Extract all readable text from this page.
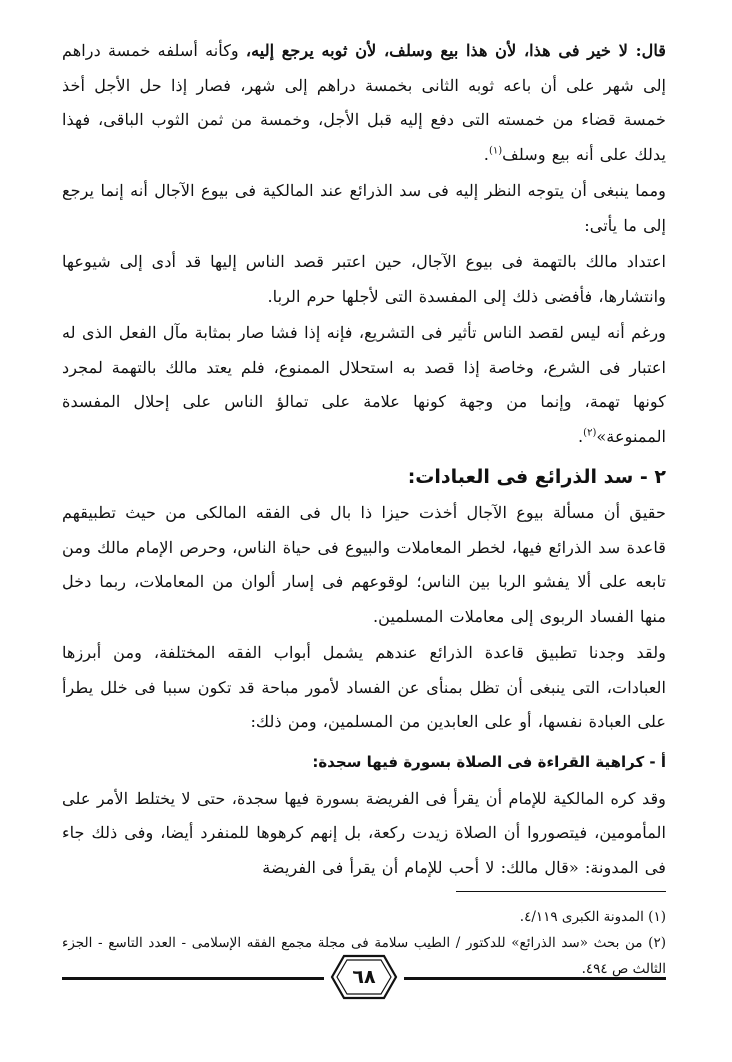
قال: لا خير فى هذا، لأن هذا بيع وسلف، لأن ثوبه يرجع إليه، وكأنه أسلفه خمسة دراهم إلى شهر على أن باعه ثوبه الثانى بخمسة دراهم إلى شهر، فصار إذا حل الأجل أخذ خمسة قضاء من خمسته التى دفع إليه قبل الأجل، وخمسة من ثمن الثوب الباقى، فهذا يدلك على أنه بيع وسلف$^{(١)}$.

ومما ينبغى أن يتوجه النظر إليه فى سد الذرائع عند المالكية فى بيوع الآجال أنه إنما يرجع إلى ما يأتى:

اعتداد مالك بالتهمة فى بيوع الآجال، حين اعتبر قصد الناس إليها قد أدى إلى شيوعها وانتشارها، فأفضى ذلك إلى المفسدة التى لأجلها حرم الربا.

ورغم أنه ليس لقصد الناس تأثير فى التشريع، فإنه إذا فشا صار بمثابة مآل الفعل الذى له اعتبار فى الشرع، وخاصة إذا قصد به استحلال الممنوع، فلم يعتد مالك بالتهمة لمجرد كونها تهمة، وإنما من وجهة كونها علامة على تمالؤ الناس على إحلال المفسدة الممنوعة»$^{(٢)}$.

٢ - سد الذرائع فى العبادات:

حقيق أن مسألة بيوع الآجال أخذت حيزا ذا بال فى الفقه المالكى من حيث تطبيقهم قاعدة سد الذرائع فيها، لخطر المعاملات والبيوع فى حياة الناس، وحرص الإمام مالك ومن تابعه على ألا يفشو الربا بين الناس؛ لوقوعهم فى إسار ألوان من المعاملات، ربما دخل منها الفساد الربوى إلى معاملات المسلمين.

ولقد وجدنا تطبيق قاعدة الذرائع عندهم يشمل أبواب الفقه المختلفة، ومن أبرزها العبادات، التى ينبغى أن تظل بمنأى عن الفساد لأمور مباحة قد تكون سببا فى خلل يطرأ على العبادة نفسها، أو على العابدين من المسلمين، ومن ذلك:

أ - كراهية القراءة فى الصلاة بسورة فيها سجدة:

وقد كره المالكية للإمام أن يقرأ فى الفريضة بسورة فيها سجدة، حتى لا يختلط الأمر على المأمومين، فيتصوروا أن الصلاة زيدت ركعة، بل إنهم كرهوها للمنفرد أيضا، وفى ذلك جاء فى المدونة: «قال مالك: لا أحب للإمام أن يقرأ فى الفريضة

(١) المدونة الكبرى ٤/١١٩.

(٢) من بحث «سد الذرائع» للدكتور / الطيب سلامة فى مجلة مجمع الفقه الإسلامى - العدد التاسع - الجزء الثالث ص ٤٩٤.

٦٨
